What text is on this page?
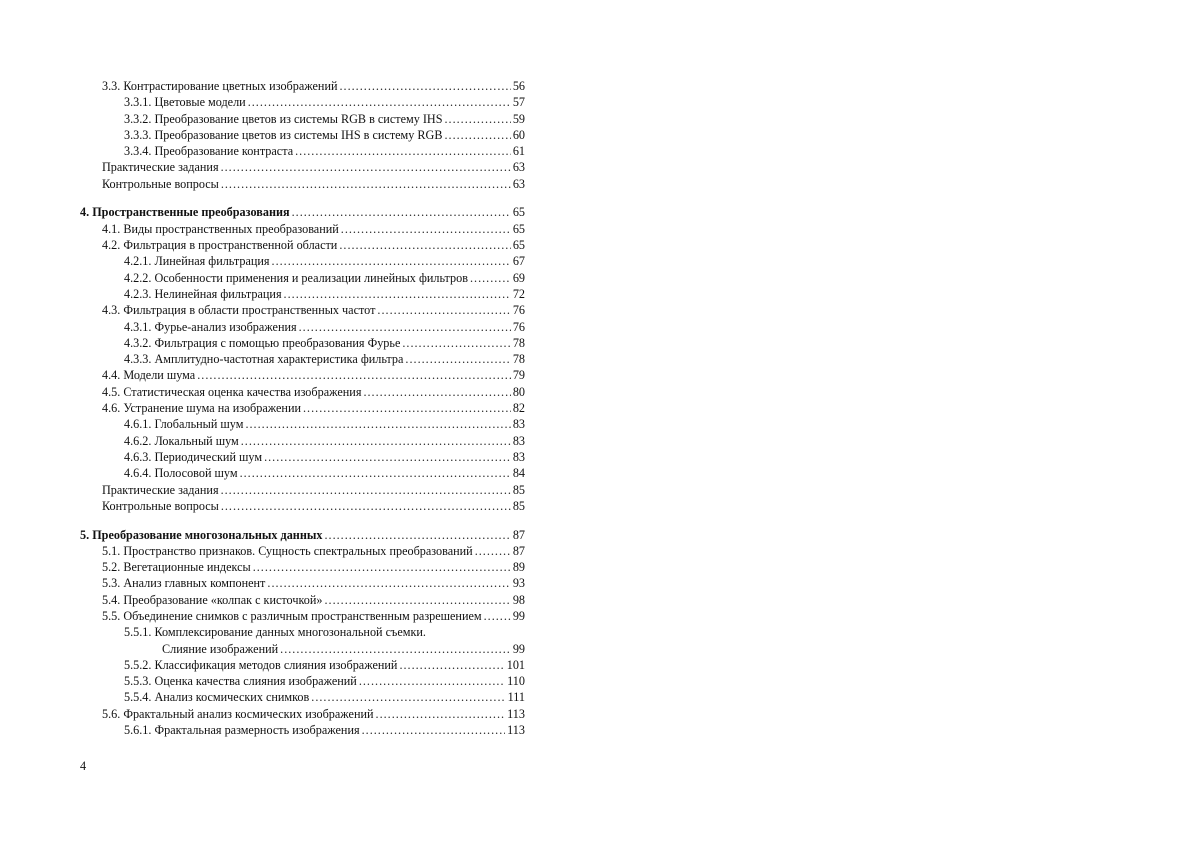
3.3. Контрастирование цветных изображений .....	56
3.3.1. Цветовые модели .....	57
3.3.2. Преобразование цветов из системы RGB в систему IHS .....	59
3.3.3. Преобразование цветов из системы IHS в систему RGB .....	60
3.3.4. Преобразование контраста .....	61
Практические задания .....	63
Контрольные вопросы .....	63
4. Пространственные преобразования .....	65
4.1. Виды пространственных преобразований .....	65
4.2. Фильтрация в пространственной области .....	65
4.2.1. Линейная фильтрация .....	67
4.2.2. Особенности применения и реализации линейных фильтров .....	69
4.2.3. Нелинейная фильтрация .....	72
4.3. Фильтрация в области пространственных частот .....	76
4.3.1. Фурье-анализ изображения .....	76
4.3.2. Фильтрация с помощью преобразования Фурье .....	78
4.3.3. Амплитудно-частотная характеристика фильтра .....	78
4.4. Модели шума .....	79
4.5. Статистическая оценка качества изображения .....	80
4.6. Устранение шума на изображении .....	82
4.6.1. Глобальный шум .....	83
4.6.2. Локальный шум .....	83
4.6.3. Периодический шум .....	83
4.6.4. Полосовой шум .....	84
Практические задания .....	85
Контрольные вопросы .....	85
5. Преобразование многозональных данных .....	87
5.1. Пространство признаков. Сущность спектральных преобразований .....	87
5.2. Вегетационные индексы .....	89
5.3. Анализ главных компонент .....	93
5.4. Преобразование «колпак с кисточкой» .....	98
5.5. Объединение снимков с различным пространственным разрешением .....	99
5.5.1. Комплексирование данных многозональной съемки.
Слияние изображений .....	99
5.5.2. Классификация методов слияния изображений .....	101
5.5.3. Оценка качества слияния изображений .....	110
5.5.4. Анализ космических снимков .....	111
5.6. Фрактальный анализ космических изображений .....	113
5.6.1. Фрактальная размерность изображения .....	113
4
